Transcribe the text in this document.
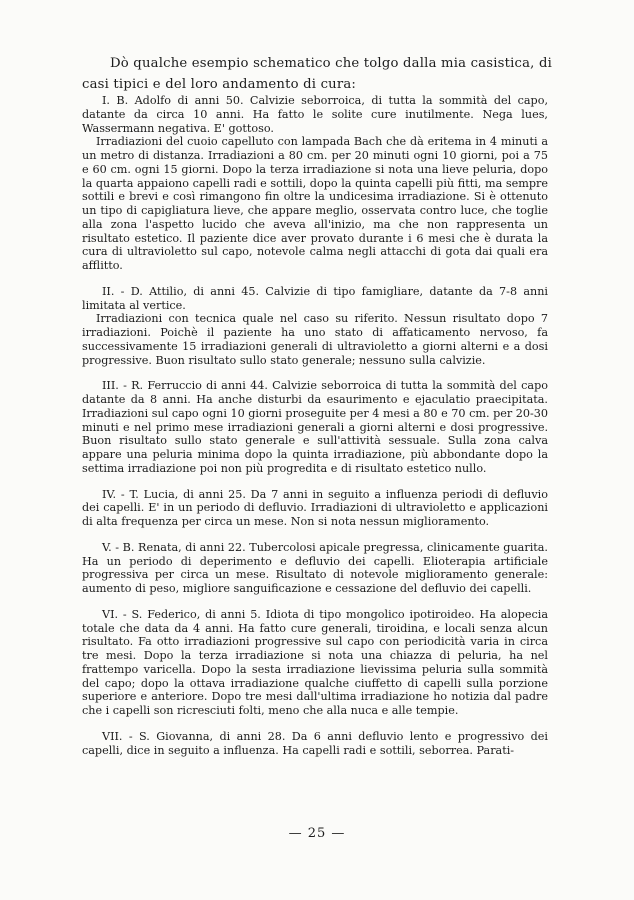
Dò qualche esempio schematico che tolgo dalla mia casistica, di casi tipici e del loro andamento di cura:

I. B. Adolfo di anni 50. Calvizie seborroica, di tutta la sommità del capo, datante da circa 10 anni. Ha fatto le solite cure inutilmente. Nega lues, Wassermann negativa. E' gottoso.

Irradiazioni del cuoio capelluto con lampada Bach che dà eritema in 4 minuti a un metro di distanza. Irradiazioni a 80 cm. per 20 minuti ogni 10 giorni, poi a 75 e 60 cm. ogni 15 giorni. Dopo la terza irradiazione si nota una lieve peluria, dopo la quarta appaiono capelli radi e sottili, dopo la quinta capelli più fitti, ma sempre sottili e brevi e così rimangono fin oltre la undicesima irradiazione. Si è ottenuto un tipo di capigliatura lieve, che appare meglio, osservata contro luce, che toglie alla zona l'aspetto lucido che aveva all'inizio, ma che non rappresenta un risultato estetico. Il paziente dice aver provato durante i 6 mesi che è durata la cura di ultravioletto sul capo, notevole calma negli attacchi di gota dai quali era afflitto.

II. - D. Attilio, di anni 45. Calvizie di tipo famigliare, datante da 7-8 anni limitata al vertice.

Irradiazioni con tecnica quale nel caso su riferito. Nessun risultato dopo 7 irradiazioni. Poichè il paziente ha uno stato di affaticamento nervoso, fa successivamente 15 irradiazioni generali di ultravioletto a giorni alterni e a dosi progressive. Buon risultato sullo stato generale; nessuno sulla calvizie.

III. - R. Ferruccio di anni 44. Calvizie seborroica di tutta la sommità del capo datante da 8 anni. Ha anche disturbi da esaurimento e ejaculatio praecipitata. Irradiazioni sul capo ogni 10 giorni proseguite per 4 mesi a 80 e 70 cm. per 20-30 minuti e nel primo mese irradiazioni generali a giorni alterni e dosi progressive. Buon risultato sullo stato generale e sull'attività sessuale. Sulla zona calva appare una peluria minima dopo la quinta irradiazione, più abbondante dopo la settima irradiazione poi non più progredita e di risultato estetico nullo.

IV. - T. Lucia, di anni 25. Da 7 anni in seguito a influenza periodi di defluvio dei capelli. E' in un periodo di defluvio. Irradiazioni di ultravioletto e applicazioni di alta frequenza per circa un mese. Non si nota nessun miglioramento.

V. - B. Renata, di anni 22. Tubercolosi apicale pregressa, clinicamente guarita. Ha un periodo di deperimento e defluvio dei capelli. Elioterapia artificiale progressiva per circa un mese. Risultato di notevole miglioramento generale: aumento di peso, migliore sanguificazione e cessazione del defluvio dei capelli.

VI. - S. Federico, di anni 5. Idiota di tipo mongolico ipotiroideo. Ha alopecia totale che data da 4 anni. Ha fatto cure generali, tiroidina, e locali senza alcun risultato. Fa otto irradiazioni progressive sul capo con periodicità varia in circa tre mesi. Dopo la terza irradiazione si nota una chiazza di peluria, ha nel frattempo varicella. Dopo la sesta irradiazione lievissima peluria sulla sommità del capo; dopo la ottava irradiazione qualche ciuffetto di capelli sulla porzione superiore e anteriore. Dopo tre mesi dall'ultima irradiazione ho notizia dal padre che i capelli son ricresciuti folti, meno che alla nuca e alle tempie.

VII. - S. Giovanna, di anni 28. Da 6 anni defluvio lento e progressivo dei capelli, dice in seguito a influenza. Ha capelli radi e sottili, seborrea. Parati-

— 25 —
